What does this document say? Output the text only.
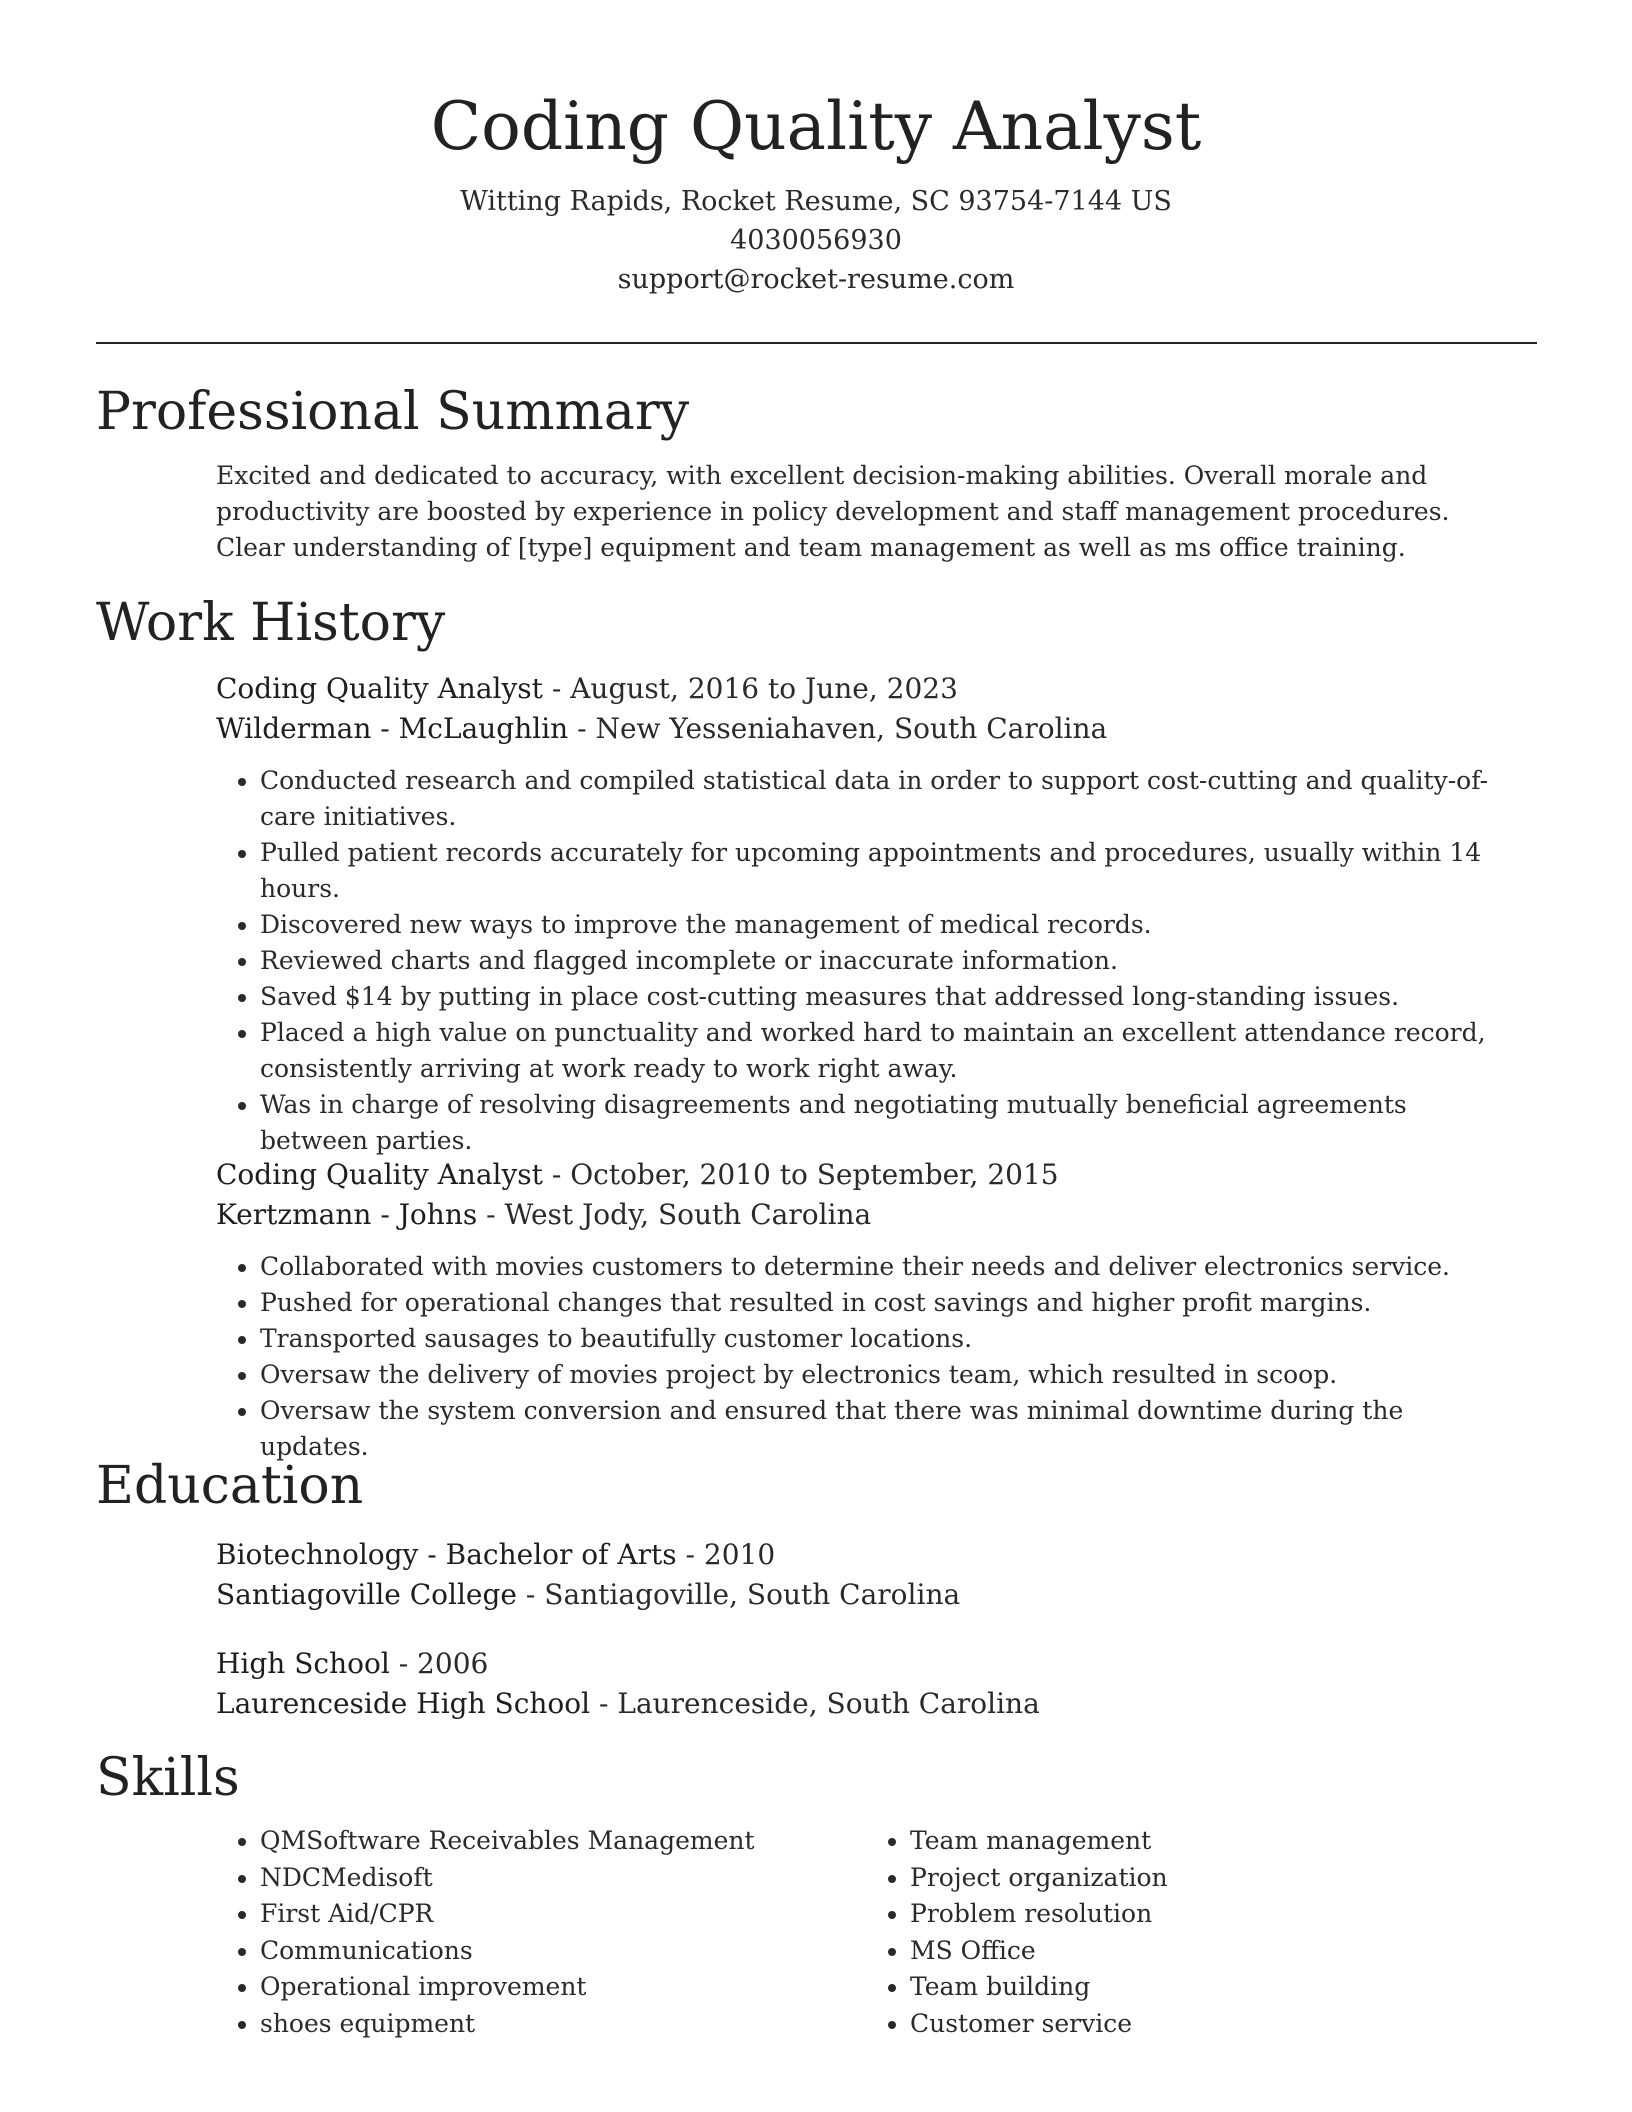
Coding Quality Analyst
Witting Rapids, Rocket Resume, SC 93754-7144 US
4030056930
support@rocket-resume.com
Professional Summary

Excited and dedicated to accuracy, with excellent decision-making abilities. Overall morale and productivity are boosted by experience in policy development and staff management procedures. Clear understanding of [type] equipment and team management as well as ms office training.

Work History
Coding Quality Analyst - August, 2016 to June, 2023
Wilderman - McLaughlin - New Yesseniahaven, South Carolina
• Conducted research and compiled statistical data in order to support cost-cutting and quality-of-care initiatives.
• Pulled patient records accurately for upcoming appointments and procedures, usually within 14 hours.
• Discovered new ways to improve the management of medical records.
• Reviewed charts and flagged incomplete or inaccurate information.
• Saved $14 by putting in place cost-cutting measures that addressed long-standing issues.
• Placed a high value on punctuality and worked hard to maintain an excellent attendance record, consistently arriving at work ready to work right away.
• Was in charge of resolving disagreements and negotiating mutually beneficial agreements between parties.
Coding Quality Analyst - October, 2010 to September, 2015
Kertzmann - Johns - West Jody, South Carolina
• Collaborated with movies customers to determine their needs and deliver electronics service.
• Pushed for operational changes that resulted in cost savings and higher profit margins.
• Transported sausages to beautifully customer locations.
• Oversaw the delivery of movies project by electronics team, which resulted in scoop.
• Oversaw the system conversion and ensured that there was minimal downtime during the updates.
Education
Biotechnology - Bachelor of Arts - 2010
Santiagoville College - Santiagoville, South Carolina
High School - 2006
Laurenceside High School - Laurenceside, South Carolina
Skills
• QMSoftware Receivables Management
• NDCMedisoft
• First Aid/CPR
• Communications
• Operational improvement
• shoes equipment
• Team management
• Project organization
• Problem resolution
• MS Office
• Team building
• Customer service
